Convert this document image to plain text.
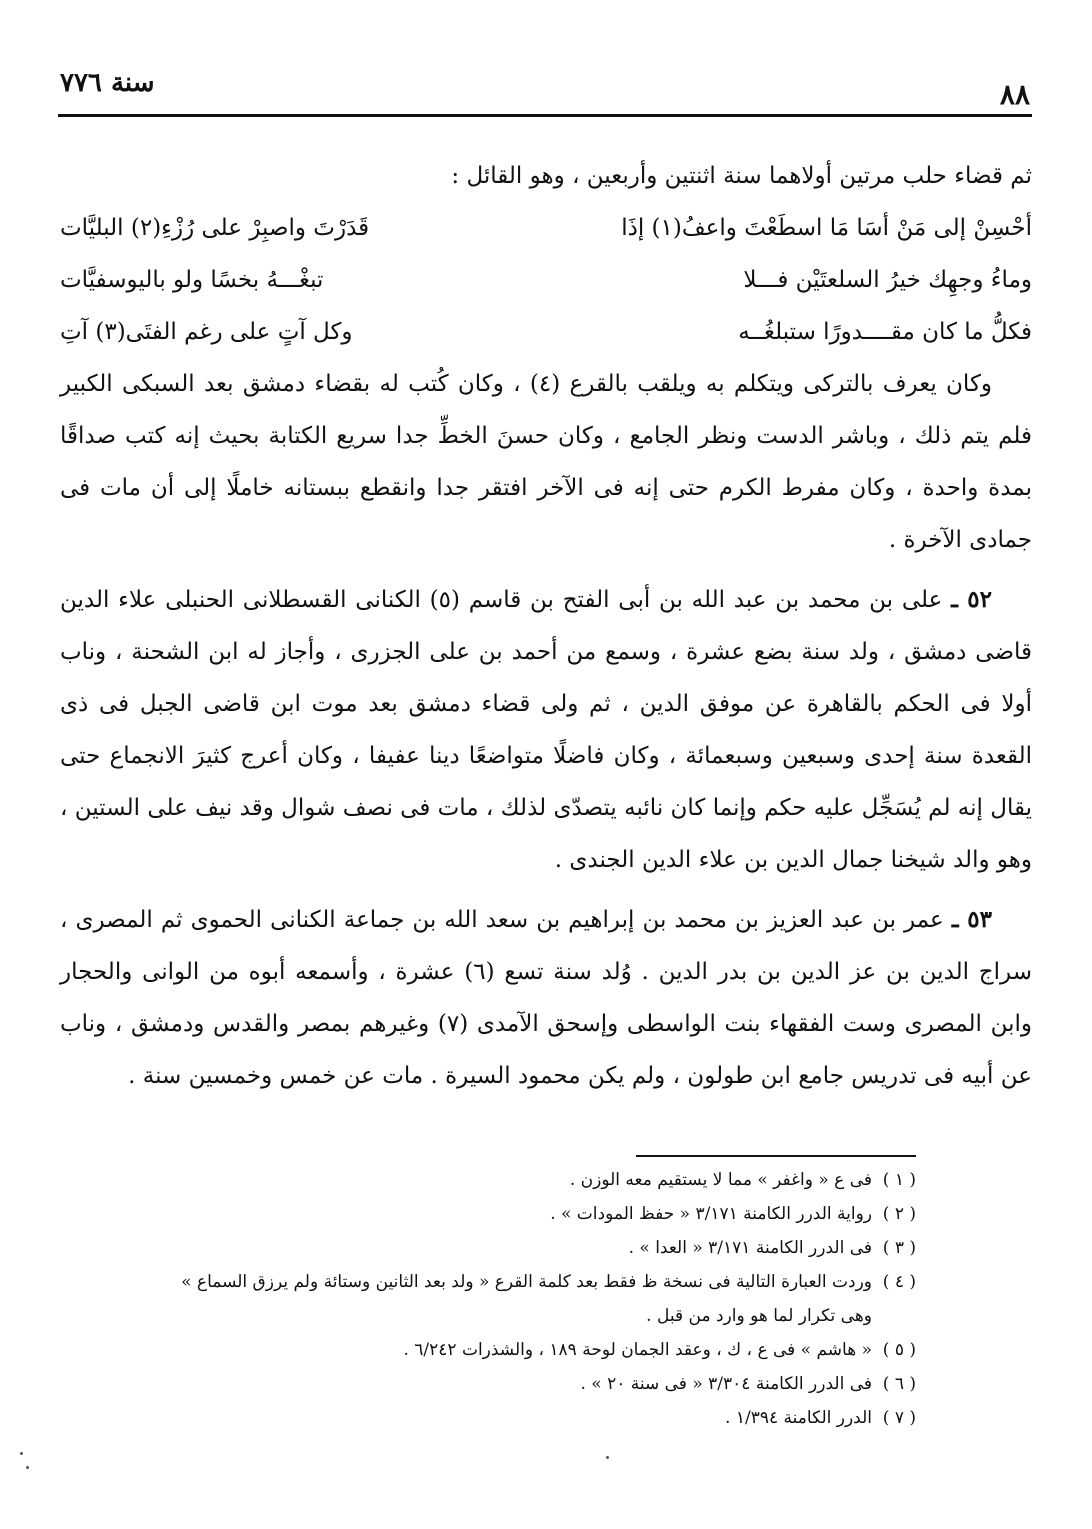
٨٨
سنة ٧٧٦

ثم قضاء حلب مرتين أولاهما سنة اثنتين وأربعين ، وهو القائل :

أحْسِنْ إلى مَنْ أسَا مَا اسطَعْتَ واعفُ(١) إذَا
قَدَرْتَ واصبِرْ على رُزْءِ(٢) البليَّات
وماءُ وجهِك خيرُ السلعتَيْن فـــلا
تبغْـــهُ بخسًا ولو باليوسفيَّات
فكلُّ ما كان مقــــدورًا ستبلغُــه
وكل آتٍ على رغم الفتَى(٣) آتِ

وكان يعرف بالتركى ويتكلم به ويلقب بالقرع (٤) ، وكان كُتب له بقضاء دمشق بعد السبكى الكبير فلم يتم ذلك ، وباشر الدست ونظر الجامع ، وكان حسنَ الخطِّ جدا سريع الكتابة بحيث إنه كتب صداقًا بمدة واحدة ، وكان مفرط الكرم حتى إنه فى الآخر افتقر جدا وانقطع ببستانه خاملًا إلى أن مات فى جمادى الآخرة .

٥٢ ـ على بن محمد بن عبد الله بن أبى الفتح بن قاسم (٥) الكنانى القسطلانى الحنبلى علاء الدين قاضى دمشق ، ولد سنة بضع عشرة ، وسمع من أحمد بن على الجزرى ، وأجاز له ابن الشحنة ، وناب أولا فى الحكم بالقاهرة عن موفق الدين ، ثم ولى قضاء دمشق بعد موت ابن قاضى الجبل فى ذى القعدة سنة إحدى وسبعين وسبعمائة ، وكان فاضلًا متواضعًا دينا عفيفا ، وكان أعرج كثيرَ الانجماع حتى يقال إنه لم يُسَجِّل عليه حكم وإنما كان نائبه يتصدّى لذلك ، مات فى نصف شوال وقد نيف على الستين ، وهو والد شيخنا جمال الدين بن علاء الدين الجندى .

٥٣ ـ عمر بن عبد العزيز بن محمد بن إبراهيم بن سعد الله بن جماعة الكنانى الحموى ثم المصرى ، سراج الدين بن عز الدين بن بدر الدين . وُلد سنة تسع (٦) عشرة ، وأسمعه أبوه من الوانى والحجار وابن المصرى وست الفقهاء بنت الواسطى وإسحق الآمدى (٧) وغيرهم بمصر والقدس ودمشق ، وناب عن أبيه فى تدريس جامع ابن طولون ، ولم يكن محمود السيرة . مات عن خمس وخمسين سنة .

( ١ )
فى ع « واغفر » مما لا يستقيم معه الوزن .
( ٢ )
رواية الدرر الكامنة ٣/١٧١ « حفظ المودات » .
( ٣ )
فى الدرر الكامنة ٣/١٧١ « العدا » .
( ٤ )
وردت العبارة التالية فى نسخة ظ فقط بعد كلمة القرع « ولد بعد الثانين وستائة ولم يرزق السماع »

وهى تكرار لما هو وارد من قبل .

( ٥ )
« هاشم » فى ع ، ك ، وعقد الجمان لوحة ١٨٩ ، والشذرات ٦/٢٤٢ .
( ٦ )
فى الدرر الكامنة ٣/٣٠٤ « فى سنة ٢٠ » .
( ٧ )
الدرر الكامنة ١/٣٩٤ .
